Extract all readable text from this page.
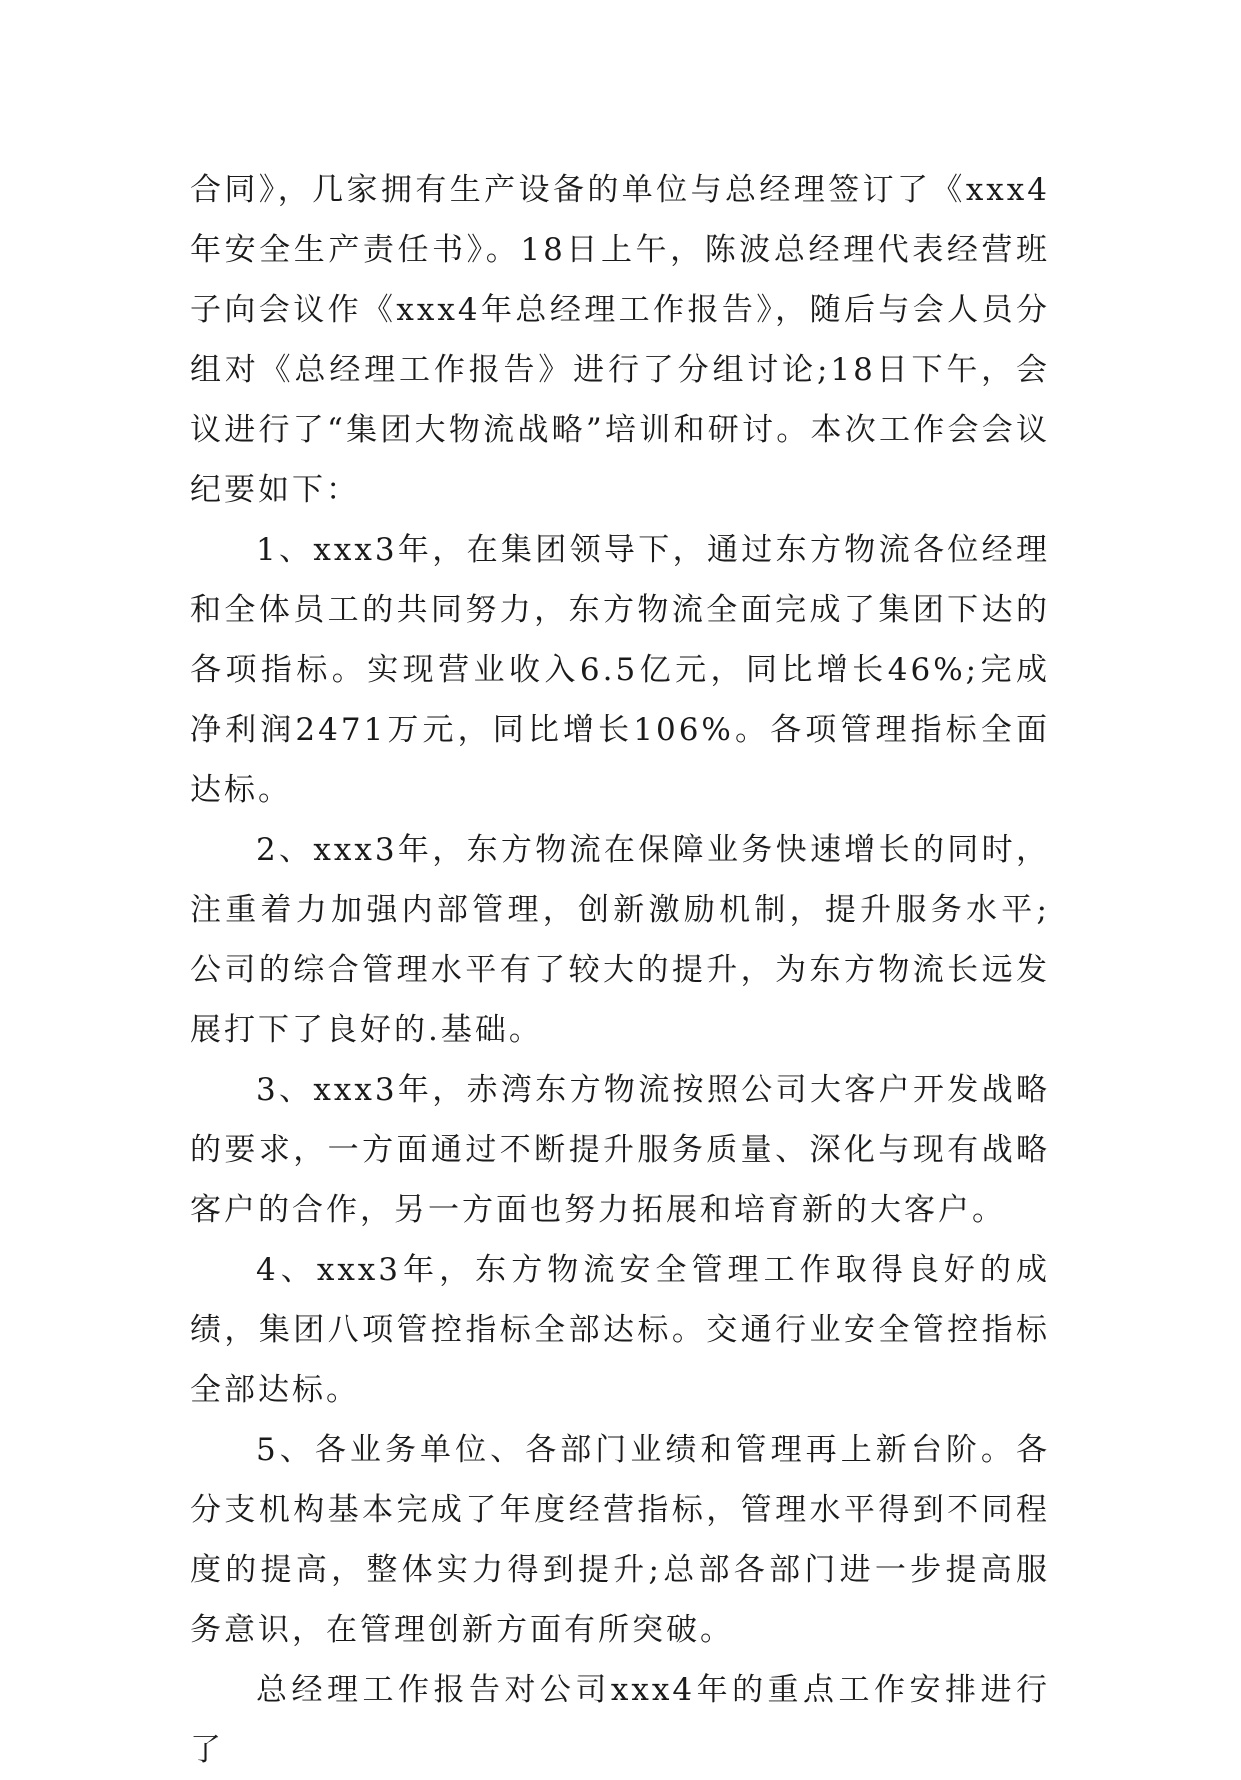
合同》，几家拥有生产设备的单位与总经理签订了《xxx4年安全生产责任书》。18日上午，陈波总经理代表经营班子向会议作《xxx4年总经理工作报告》，随后与会人员分组对《总经理工作报告》进行了分组讨论;18日下午，会议进行了“集团大物流战略”培训和研讨。本次工作会会议纪要如下：

1、xxx3年，在集团领导下，通过东方物流各位经理和全体员工的共同努力，东方物流全面完成了集团下达的各项指标。实现营业收入6.5亿元，同比增长46%;完成净利润2471万元，同比增长106%。各项管理指标全面达标。

2、xxx3年，东方物流在保障业务快速增长的同时，注重着力加强内部管理，创新激励机制，提升服务水平;公司的综合管理水平有了较大的提升，为东方物流长远发展打下了良好的.基础。

3、xxx3年，赤湾东方物流按照公司大客户开发战略的要求，一方面通过不断提升服务质量、深化与现有战略客户的合作，另一方面也努力拓展和培育新的大客户。

4、xxx3年，东方物流安全管理工作取得良好的成绩，集团八项管控指标全部达标。交通行业安全管控指标全部达标。

5、各业务单位、各部门业绩和管理再上新台阶。各分支机构基本完成了年度经营指标，管理水平得到不同程度的提高，整体实力得到提升;总部各部门进一步提高服务意识，在管理创新方面有所突破。

总经理工作报告对公司xxx4年的重点工作安排进行了
